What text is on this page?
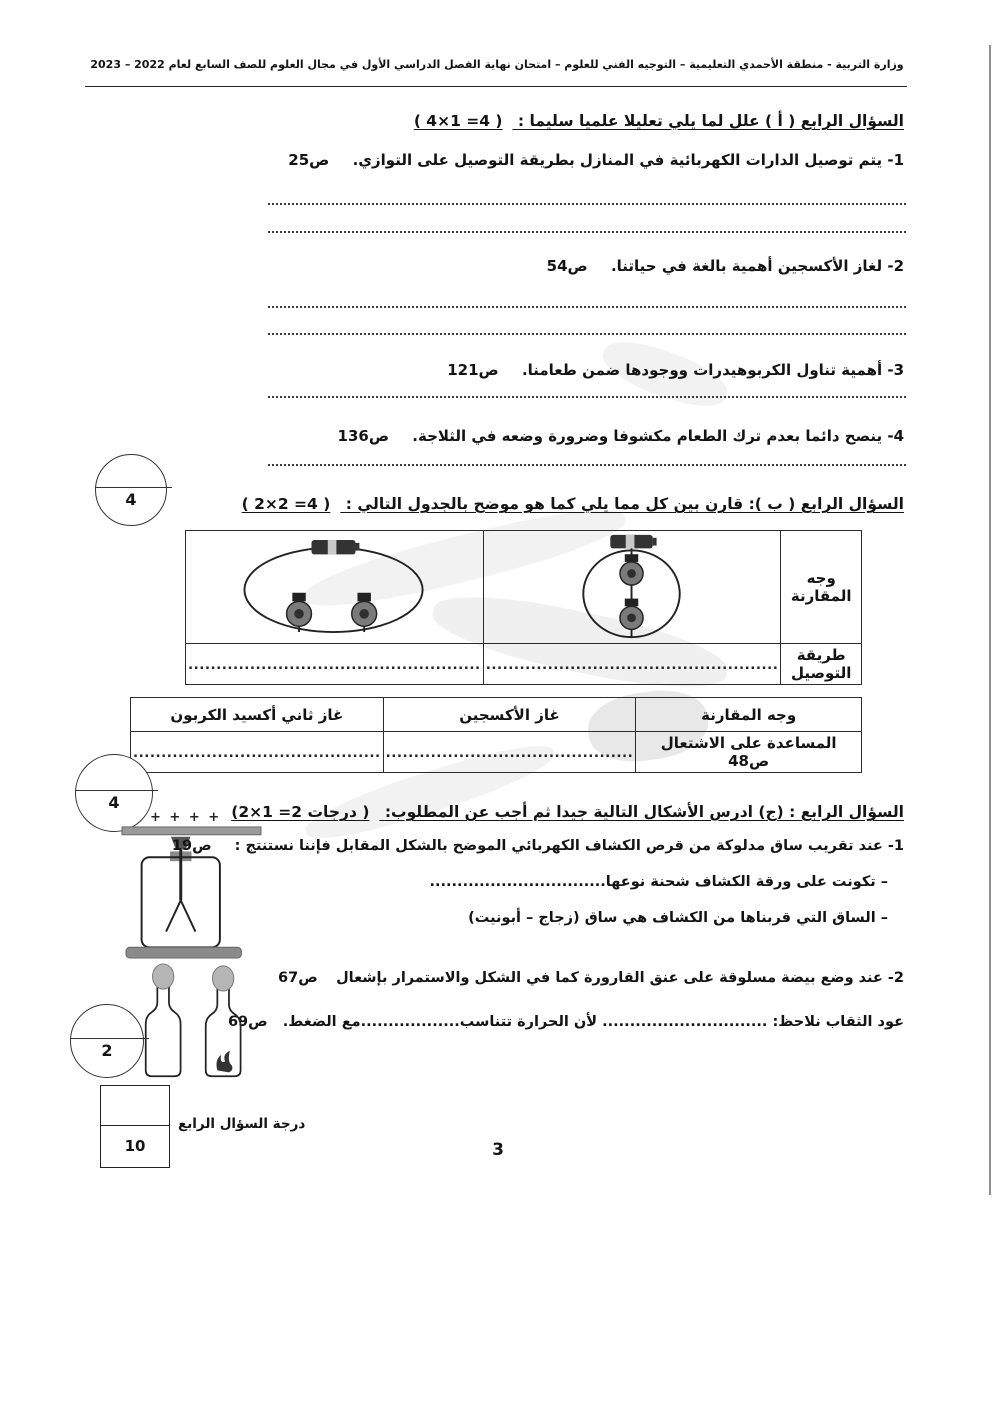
وزارة التربية - منطقة الأحمدي التعليمية – التوجيه الفني للعلوم – امتحان نهاية الفصل الدراسي الأول في مجال العلوم للصف السابع لعام 2022 – 2023
السؤال الرابع ( أ ) علل لما يلي تعليلا علميا سليما : ( 4×1 =4 )
1- يتم توصيل الدارات الكهربائية في المنازل بطريقة التوصيل على التوازي. ص25
2- لغاز الأكسجين أهمية بالغة في حياتنا. ص54
3- أهمية تناول الكربوهيدرات ووجودها ضمن طعامنا. ص121
4- ينصح دائما بعدم ترك الطعام مكشوفا وضرورة وضعه في الثلاجة. ص136
4	السؤال الرابع ( ب ): قارن بين كل مما يلي كما هو موضح بالجدول التالي : ( 2×2 =4 )
وجه المقارنة	

طريقة التوصيل	....................................................	....................................................
وجه المقارنة	غاز الأكسجين	غاز ثاني أكسيد الكربون
المساعدة على الاشتعال ص48	............................................	............................................
4	السؤال الرابع : (ج) ادرس الأشكال التالية جيدا ثم أجب عن المطلوب: (2×1 =2 درجات )
+ + + +
1- عند تقريب ساق مدلوكة من قرص الكشاف الكهربائي الموضح بالشكل المقابل فإننا نستنتج : ص19
– تكونت على ورقة الكشاف شحنة نوعها................................
– الساق التي قربناها من الكشاف هي ساق (زجاج – أبونيت)
2- عند وضع بيضة مسلوقة على عنق القارورة كما في الشكل والاستمرار بإشعال
ص67
عود الثقاب نلاحظ: .............................. لأن الحرارة تتناسب..................مع الضغط. ص69
2
10
درجة السؤال الرابع
3
